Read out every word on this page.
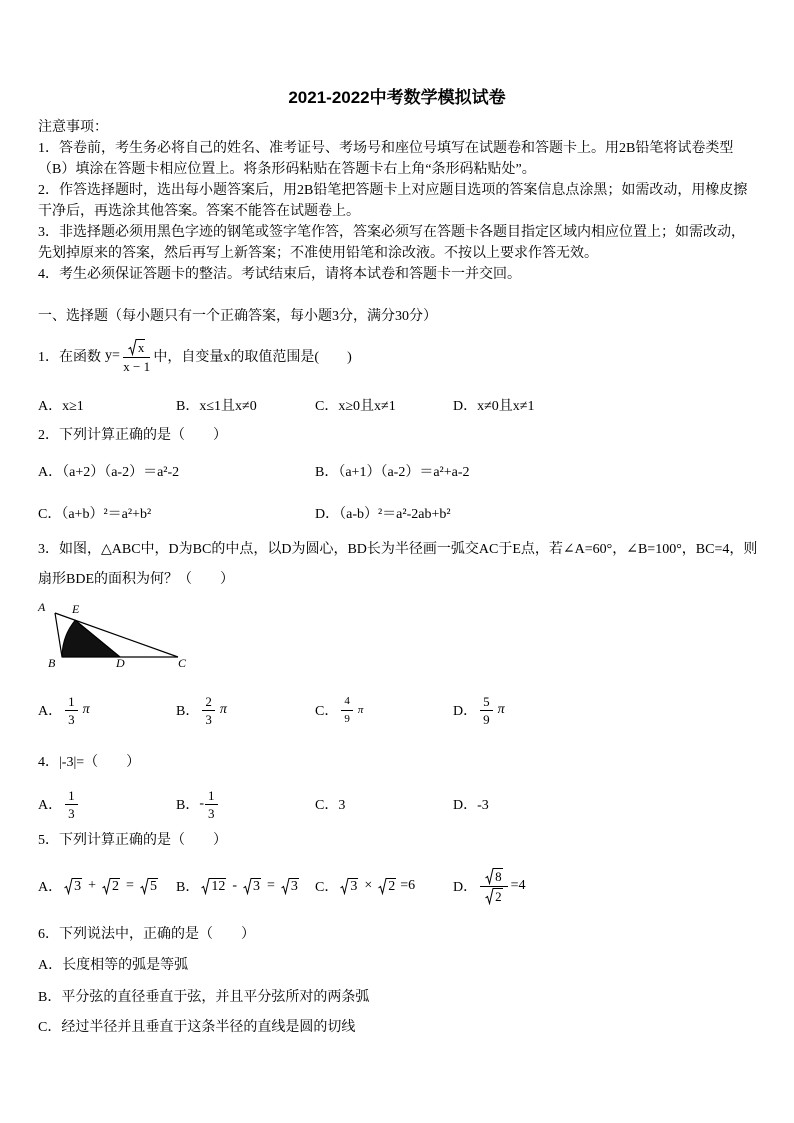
2021-2022中考数学模拟试卷
注意事项：
1．答卷前，考生务必将自己的姓名、准考证号、考场号和座位号填写在试题卷和答题卡上。用2B铅笔将试卷类型（B）填涂在答题卡相应位置上。将条形码粘贴在答题卡右上角“条形码粘贴处”。
2．作答选择题时，选出每小题答案后，用2B铅笔把答题卡上对应题目选项的答案信息点涂黑；如需改动，用橡皮擦干净后，再选涂其他答案。答案不能答在试题卷上。
3．非选择题必须用黑色字迹的钢笔或签字笔作答，答案必须写在答题卡各题目指定区域内相应位置上；如需改动，先划掉原来的答案，然后再写上新答案；不准使用铅笔和涂改液。不按以上要求作答无效。
4．考生必须保证答题卡的整洁。考试结束后，请将本试卷和答题卡一并交回。
一、选择题（每小题只有一个正确答案，每小题3分，满分30分）
1．在函数 $y= \frac{x}{x - 1}$ 中，自变量x的取值范围是(　　)
A．x≥1	B．x≤1且x≠0	C．x≥0且x≠1	D．x≠0且x≠1
2．下列计算正确的是（　　）
A．（a+2）（a-2）＝a²-2	B．（a+1）（a-2）＝a²+a-2
C．（a+b）²＝a²+b²	D．（a-b）²＝a²-2ab+b²
3．如图，△ABC中，D为BC的中点，以D为圆心，BD长为半径画一弧交AC于E点，若∠A=60°，∠B=100°，BC=4，则扇形BDE的面积为何？（　　）
A E
B	D	C
A． $\frac{1}{3}$ π	B． $\frac{2}{3}$ π	C． $\frac{4}{9}$ π	D． $\frac{5}{9}$ π
4．|-3|=（　　）
A． $\frac{1}{3}$	B． - $\frac{1}{3}$	C．3	D．-3
5．下列计算正确的是（　　）
A． 3 + 2 = 5 B． 12 - 3 = 3 C． 3 × 2 =6	D． $\frac{8}{2} =4$
6．下列说法中，正确的是（　　）
A．长度相等的弧是等弧
B．平分弦的直径垂直于弦，并且平分弦所对的两条弧
C．经过半径并且垂直于这条半径的直线是圆的切线
